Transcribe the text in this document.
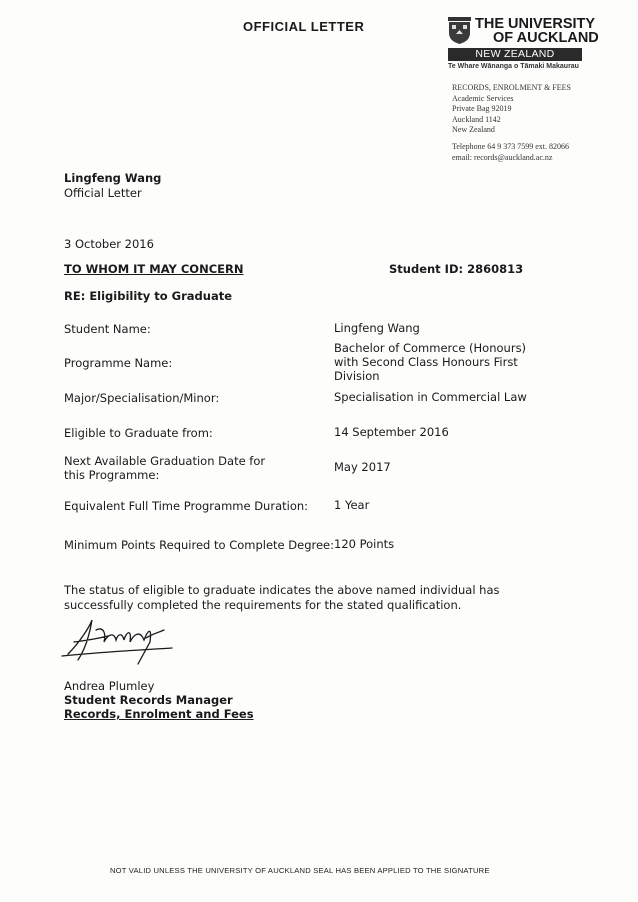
OFFICIAL LETTER	THE UNIVERSITY
OF AUCKLAND
NEW ZEALAND
Te Whare Wānanga o Tāmaki Makaurau
RECORDS, ENROLMENT & FEES
Academic Services
Private Bag 92019
Auckland 1142
New Zealand
Telephone 64 9 373 7599 ext. 82066
email: records@auckland.ac.nz
Lingfeng Wang
Official Letter
3 October 2016
TO WHOM IT MAY CONCERN	Student ID: 2860813
RE: Eligibility to Graduate
Student Name:	Lingfeng Wang
Programme Name:
Bachelor of Commerce (Honours) with Second Class Honours First Division
Major/Specialisation/Minor:	Specialisation in Commercial Law
Eligible to Graduate from:	14 September 2016
Next Available Graduation Date for this Programme:
May 2017
Equivalent Full Time Programme Duration: 1 Year
Minimum Points Required to Complete Degree: 120 Points
The status of eligible to graduate indicates the above named individual has successfully completed the requirements for the stated qualification.
Andrea Plumley
Student Records Manager
Records, Enrolment and Fees
NOT VALID UNLESS THE UNIVERSITY OF AUCKLAND SEAL HAS BEEN APPLIED TO THE SIGNATURE
